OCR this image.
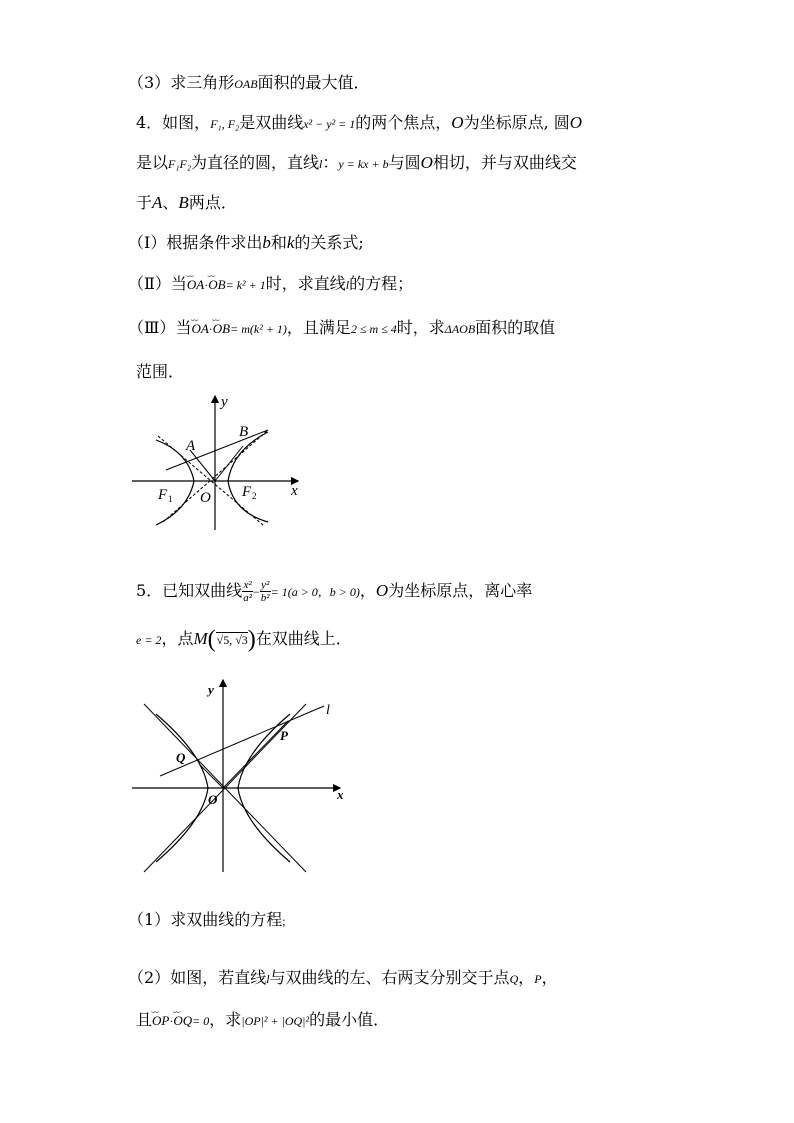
（3）求三角形OAB面积的最大值．
4．如图，F₁, F₂是双曲线x² − y² = 1的两个焦点，O为坐标原点, 圆O
是以F₁F₂为直径的圆，直线l：y = kx + b与圆O相切，并与双曲线交
于A、B两点．
（Ⅰ）根据条件求出b和k的关系式;
（Ⅱ）当⌣⌣ OA·⌣⌣ OB= k² + 1时，求直线l的方程；
（Ⅲ）当⌣⌣ OA·⌣⌣ OB= m(k² + 1)，且满足2 ≤ m ≤ 4时，求ΔAOB面积的取值
范围．
y
x
A
B
F 1 O F 2
5．已知双曲线 $\frac{\text{x²}}{\text{a²}} - \frac{\text{y²}}{\text{b²}} = 1(a > 0$，b > 0)，O为坐标原点，离心率
e = 2，点M(√5, √3)在双曲线上．
y
x
l
P
Q
O
（1）求双曲线的方程;
（2）如图，若直线l与双曲线的左、右两支分别交于点Q，P，
且⌣⌣ OP·⌣⌣ OQ= 0，求|OP|² + |OQ|²的最小值．
